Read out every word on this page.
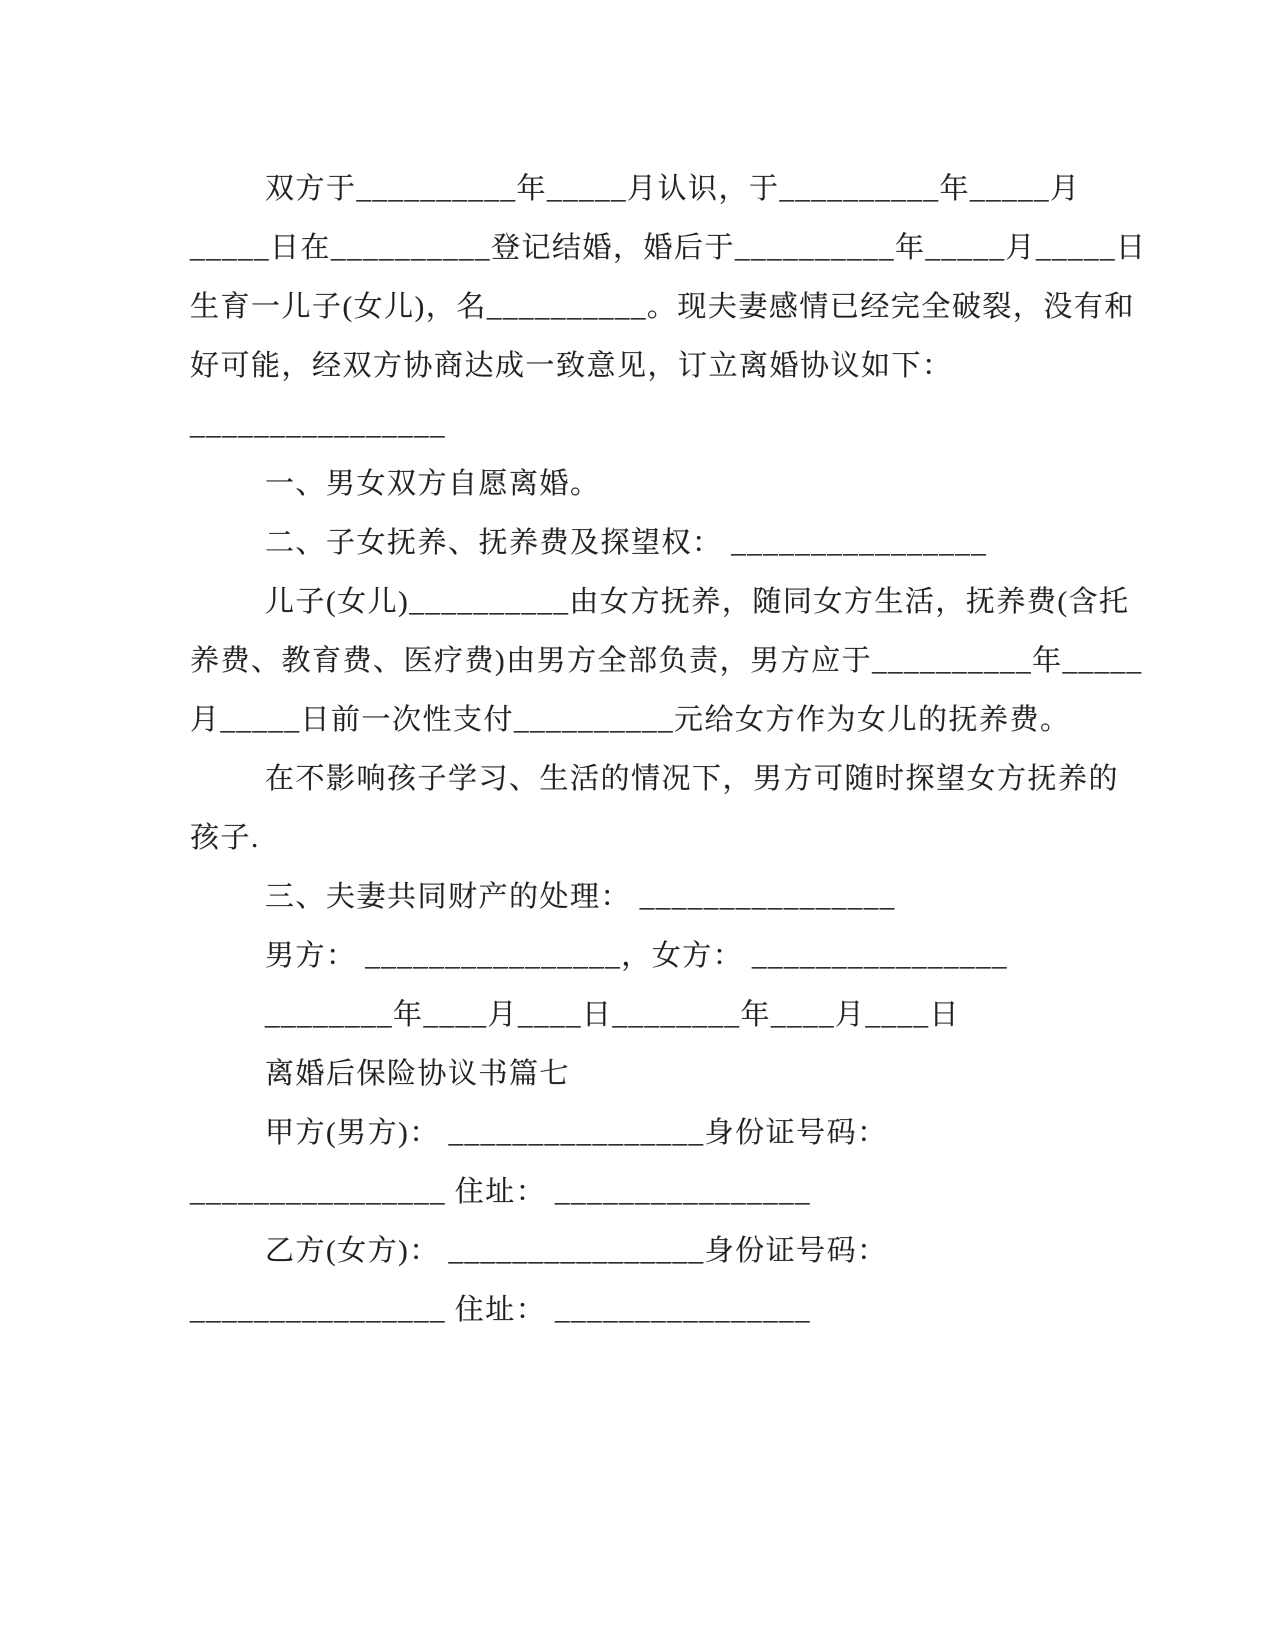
双方于__________年_____月认识，于__________年_____月
_____日在__________登记结婚，婚后于__________年_____月_____日
生育一儿子(女儿)，名__________。现夫妻感情已经完全破裂，没有和
好可能，经双方协商达成一致意见，订立离婚协议如下：
________________
一、男女双方自愿离婚。
二、子女抚养、抚养费及探望权： ________________
儿子(女儿)__________由女方抚养，随同女方生活，抚养费(含托
养费、教育费、医疗费)由男方全部负责，男方应于__________年_____
月_____日前一次性支付__________元给女方作为女儿的抚养费。
在不影响孩子学习、生活的情况下，男方可随时探望女方抚养的
孩子.
三、夫妻共同财产的处理： ________________
男方： ________________，女方： ________________
________年____月____日________年____月____日
离婚后保险协议书篇七
甲方(男方)： ________________身份证号码：
________________ 住址： ________________
乙方(女方)： ________________身份证号码：
________________ 住址： ________________
